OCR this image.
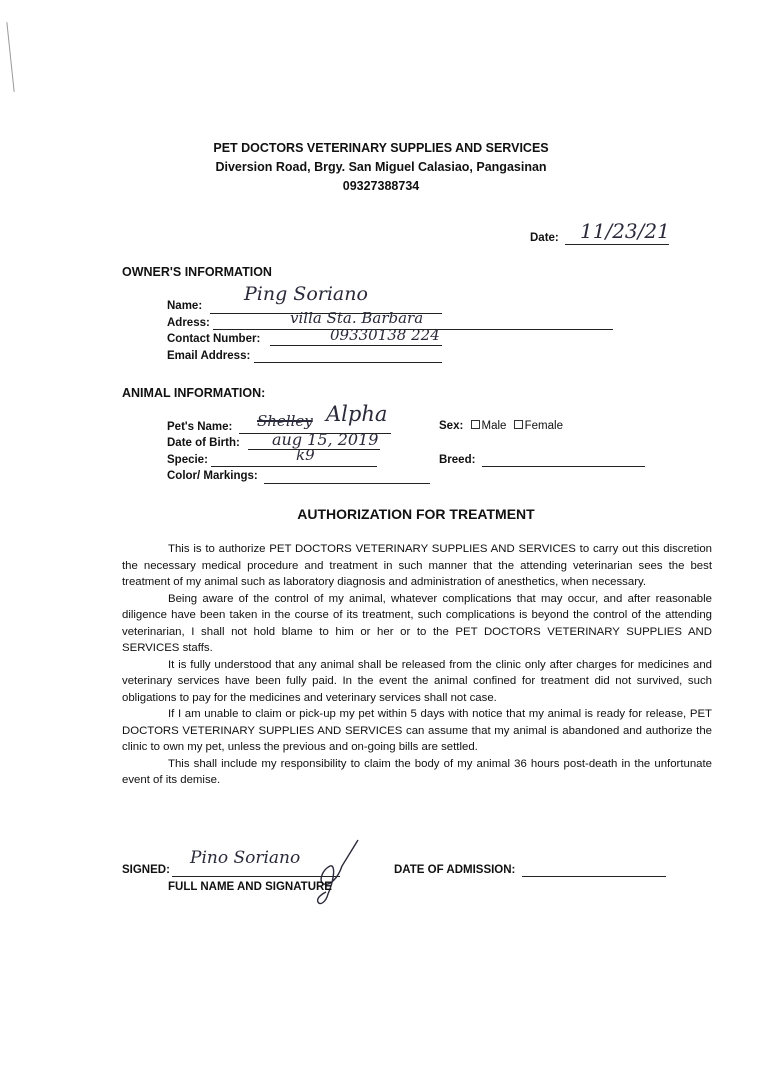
PET DOCTORS VETERINARY SUPPLIES AND SERVICES
Diversion Road, Brgy. San Miguel Calasiao, Pangasinan
09327388734
Date: 11/23/21
OWNER'S INFORMATION
Name:
Ping Soriano
Adress:	villa Sta. Barbara
Contact Number:	09330138 224
Email Address:
ANIMAL INFORMATION:
Pet's Name: Shelley Alpha
Date of Birth: aug 15, 2019
Specie:	k9
Color/ Markings:
Sex: Male Female
Breed:
AUTHORIZATION FOR TREATMENT

This is to authorize PET DOCTORS VETERINARY SUPPLIES AND SERVICES to carry out this discretion the necessary medical procedure and treatment in such manner that the attending veterinarian sees the best treatment of my animal such as laboratory diagnosis and administration of anesthetics, when necessary.

Being aware of the control of my animal, whatever complications that may occur, and after reasonable diligence have been taken in the course of its treatment, such complications is beyond the control of the attending veterinarian, I shall not hold blame to him or her or to the PET DOCTORS VETERINARY SUPPLIES AND SERVICES staffs.

It is fully understood that any animal shall be released from the clinic only after charges for medicines and veterinary services have been fully paid. In the event the animal confined for treatment did not survived, such obligations to pay for the medicines and veterinary services shall not case.

If I am unable to claim or pick-up my pet within 5 days with notice that my animal is ready for release, PET DOCTORS VETERINARY SUPPLIES AND SERVICES can assume that my animal is abandoned and authorize the clinic to own my pet, unless the previous and on-going bills are settled.

This shall include my responsibility to claim the body of my animal 36 hours post-death in the unfortunate event of its demise.

SIGNED:
Pino Soriano
FULL NAME AND SIGNATURE
DATE OF ADMISSION:
